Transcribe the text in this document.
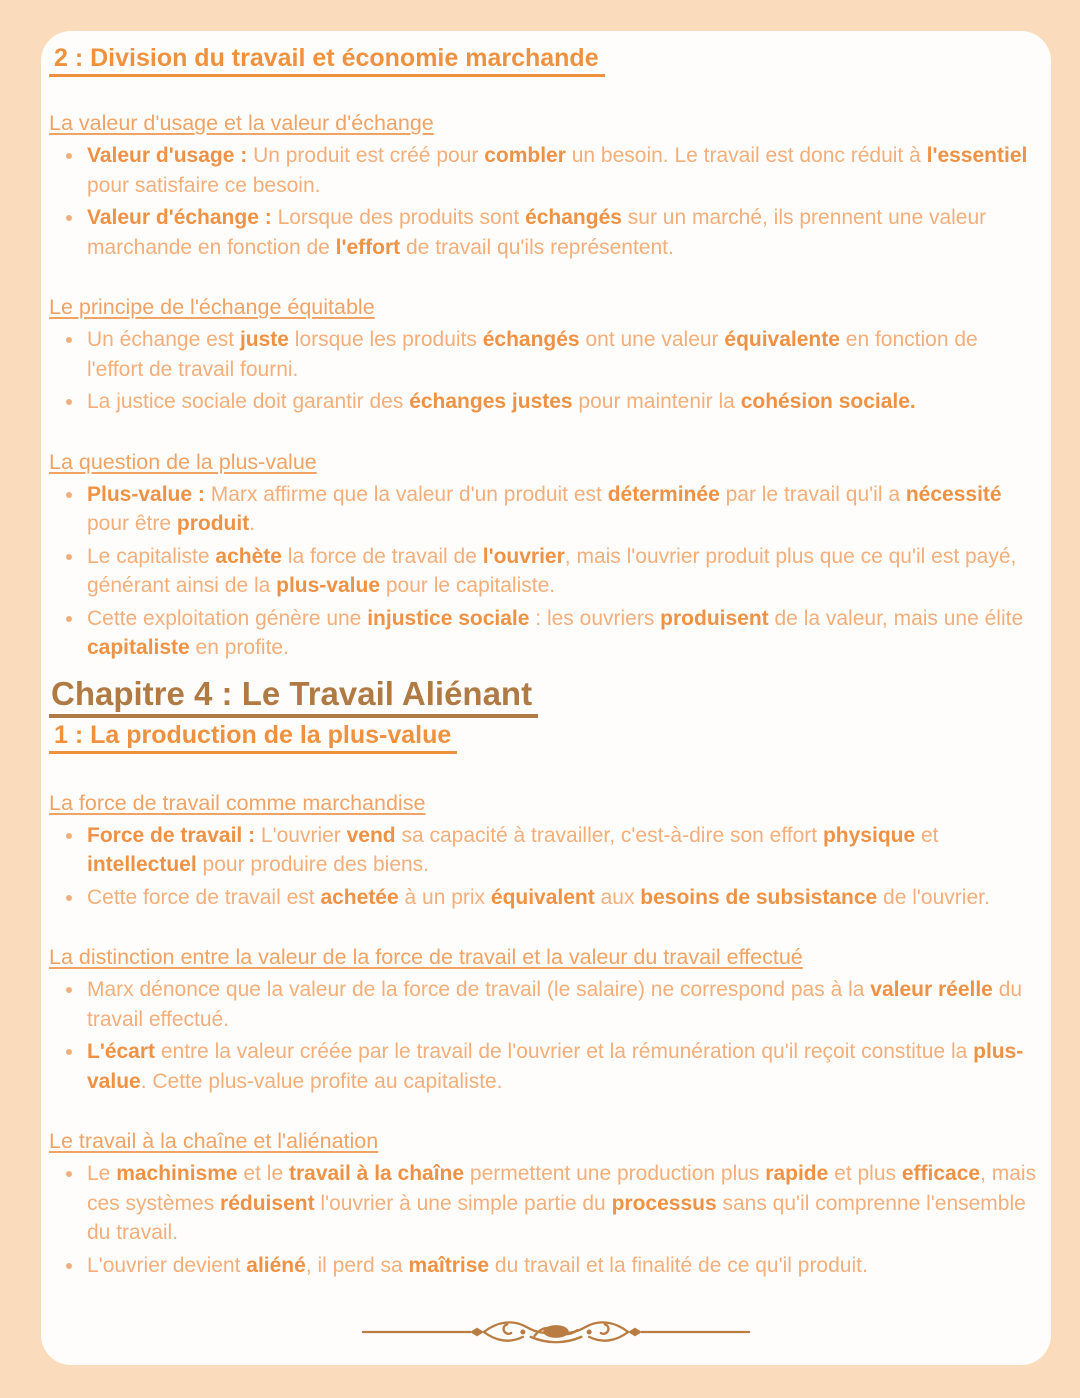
2 : Division du travail et économie marchande
La valeur d'usage et la valeur d'échange
• Valeur d'usage : Un produit est créé pour combler un besoin. Le travail est donc réduit à l'essentiel pour satisfaire ce besoin.
• Valeur d'échange : Lorsque des produits sont échangés sur un marché, ils prennent une valeur marchande en fonction de l'effort de travail qu'ils représentent.
Le principe de l'échange équitable
• Un échange est juste lorsque les produits échangés ont une valeur équivalente en fonction de l'effort de travail fourni.
• La justice sociale doit garantir des échanges justes pour maintenir la cohésion sociale.
La question de la plus-value
• Plus-value : Marx affirme que la valeur d'un produit est déterminée par le travail qu'il a nécessité pour être produit.
• Le capitaliste achète la force de travail de l'ouvrier, mais l'ouvrier produit plus que ce qu'il est payé, générant ainsi de la plus-value pour le capitaliste.
• Cette exploitation génère une injustice sociale : les ouvriers produisent de la valeur, mais une élite capitaliste en profite.
Chapitre 4 : Le Travail Aliénant
1 : La production de la plus-value
La force de travail comme marchandise
• Force de travail : L'ouvrier vend sa capacité à travailler, c'est-à-dire son effort physique et intellectuel pour produire des biens.
• Cette force de travail est achetée à un prix équivalent aux besoins de subsistance de l'ouvrier.
La distinction entre la valeur de la force de travail et la valeur du travail effectué
• Marx dénonce que la valeur de la force de travail (le salaire) ne correspond pas à la valeur réelle du travail effectué.
• L'écart entre la valeur créée par le travail de l'ouvrier et la rémunération qu'il reçoit constitue la plus-value. Cette plus-value profite au capitaliste.
Le travail à la chaîne et l'aliénation
• Le machinisme et le travail à la chaîne permettent une production plus rapide et plus efficace, mais ces systèmes réduisent l'ouvrier à une simple partie du processus sans qu'il comprenne l'ensemble du travail.
• L'ouvrier devient aliéné, il perd sa maîtrise du travail et la finalité de ce qu'il produit.
